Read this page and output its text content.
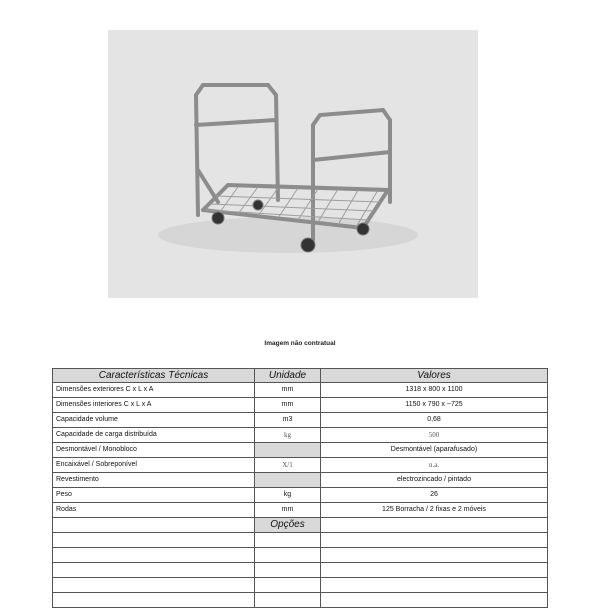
Imagem não contratual
Características Técnicas	Unidade	Valores
Dimensões exteriores C x L x A	mm	1318 x 800 x 1100
Dimensões interiores C x L x A	mm	1150 x 790 x ~725
Capacidade volume	m3	0,68
Capacidade de carga distribuída	kg	500
Desmontável / Monobloco		Desmontável (aparafusado)
Encaixável / Sobreponível	X/1	n.a.
Revestimento		electrozincado / pintado
Peso	kg	26
Rodas	mm	125 Borracha / 2 fixas e 2 móveis
	Opções	
